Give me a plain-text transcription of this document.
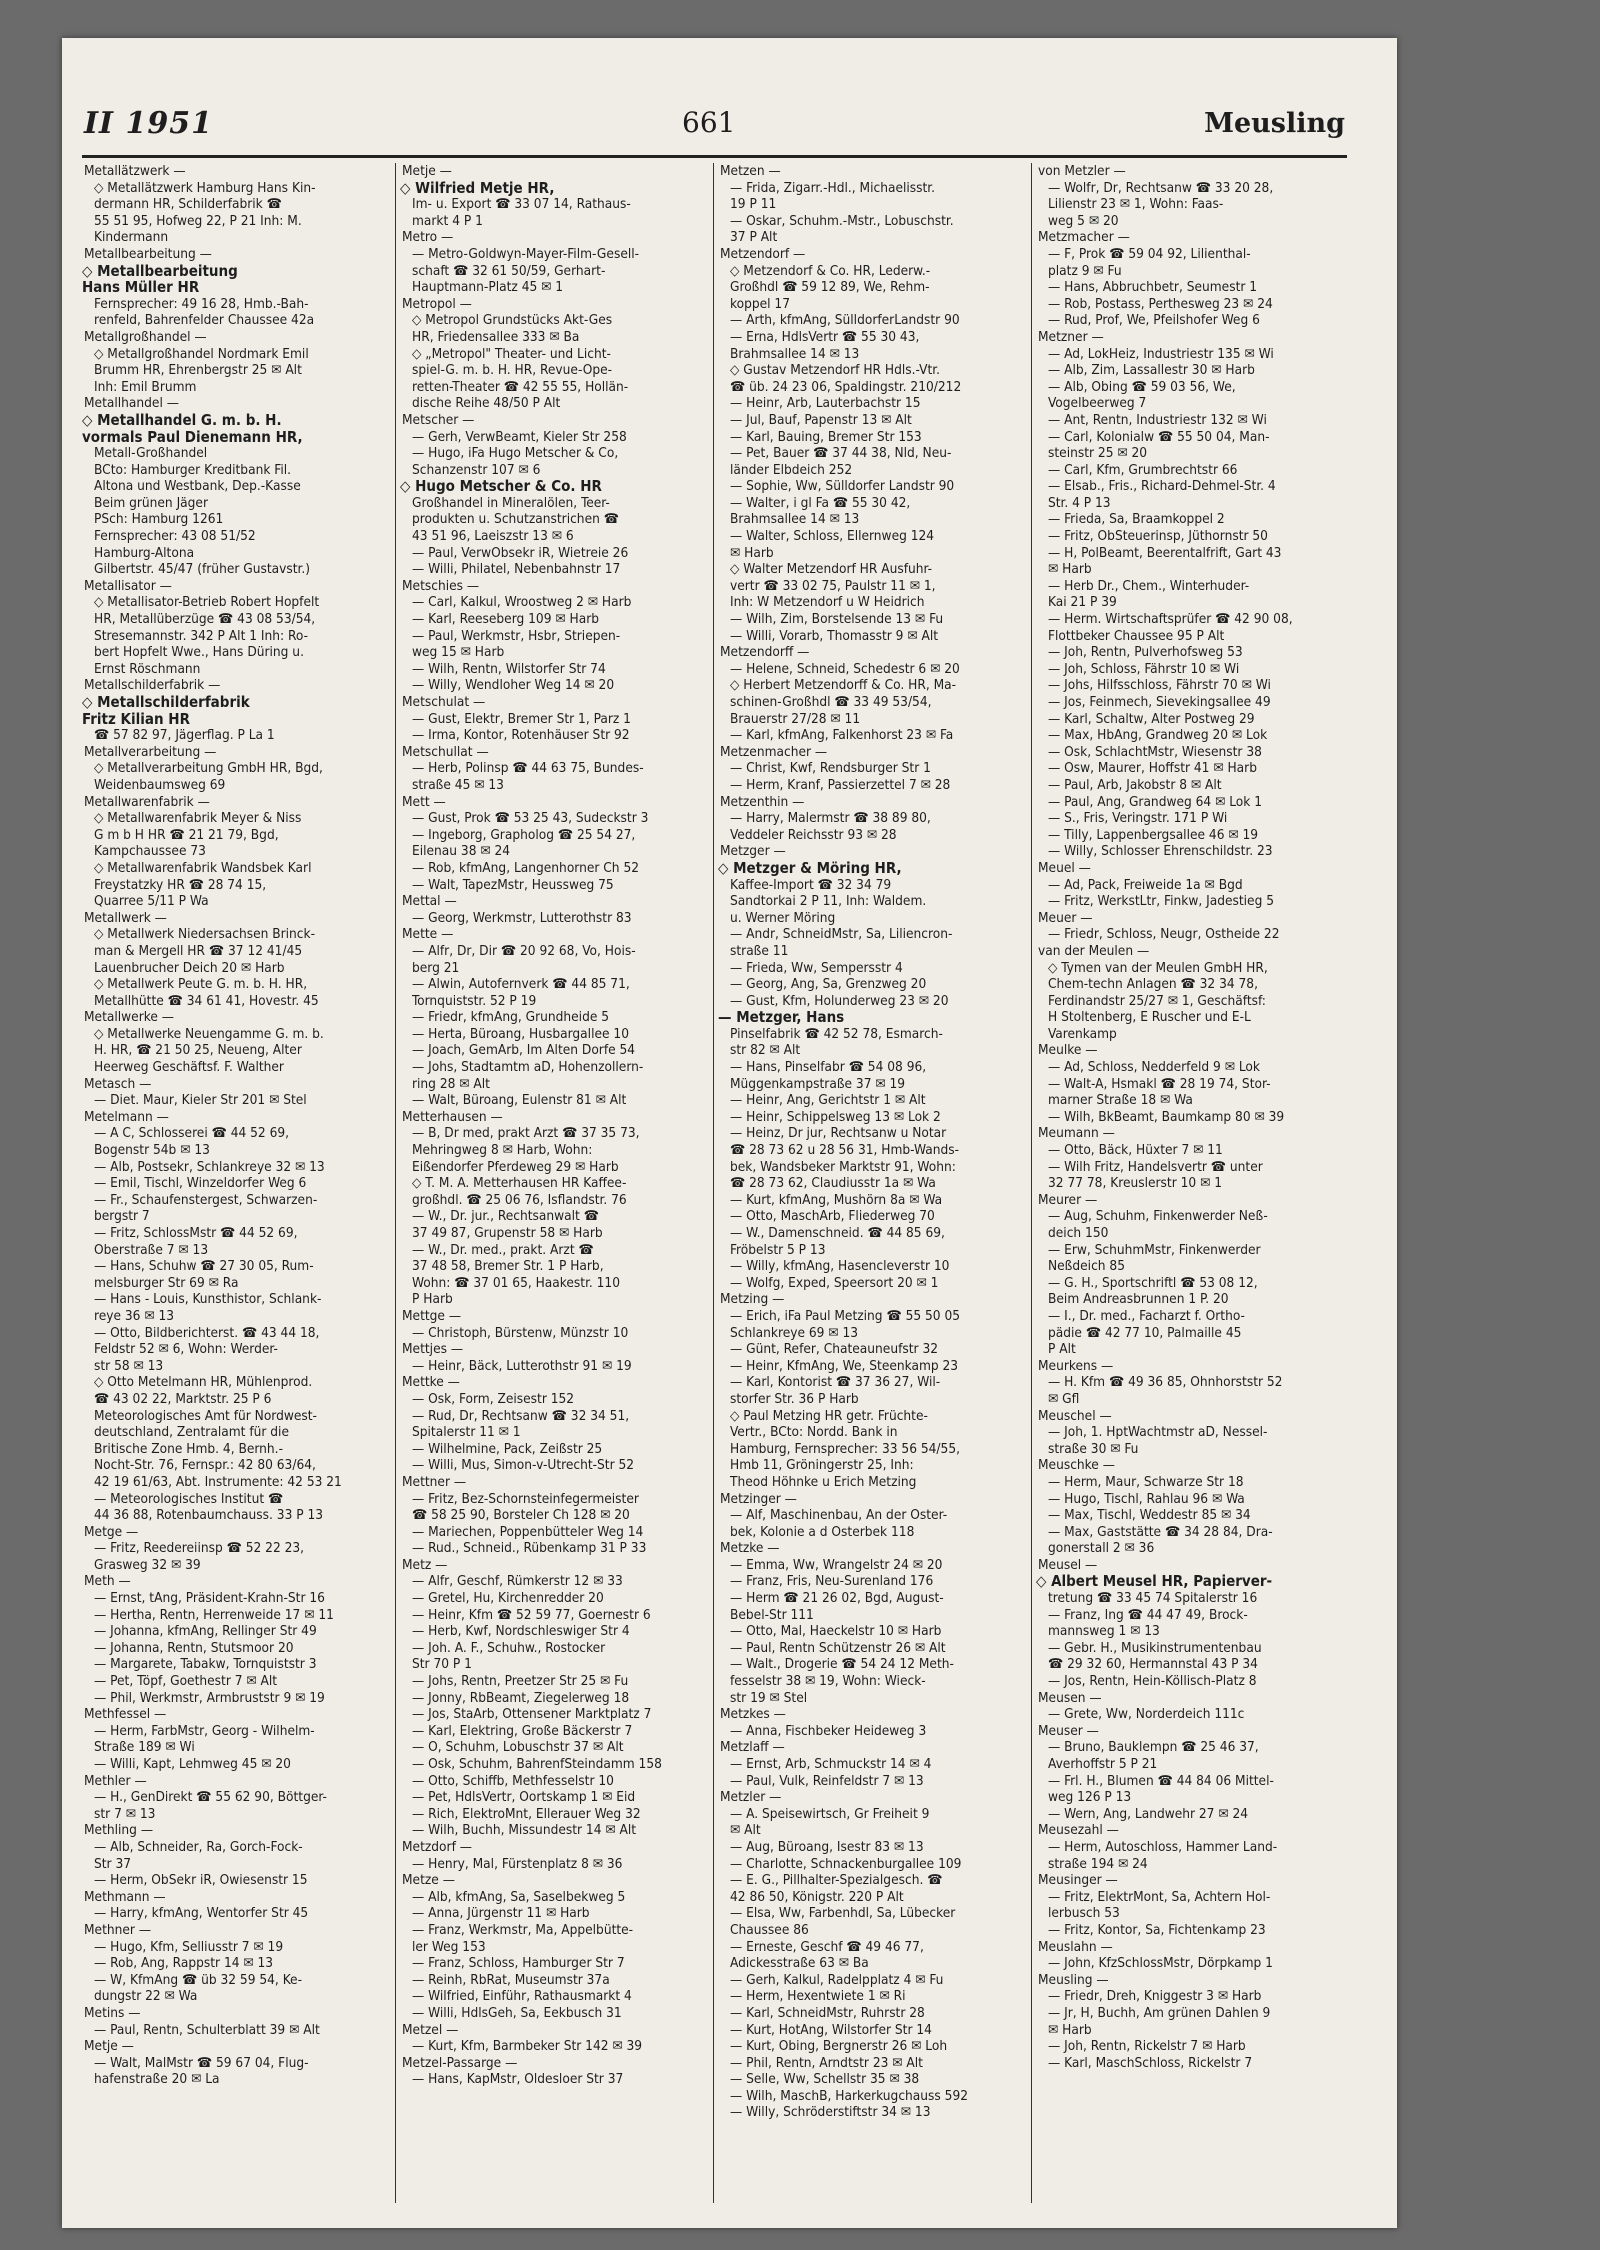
II 1951	661	Meusling
Metallätzwerk —
◇ Metallätzwerk Hamburg Hans Kin-
dermann HR, Schilderfabrik ☎
55 51 95, Hofweg 22, P 21 Inh: M.
Kindermann
Metallbearbeitung —
◇ Metallbearbeitung
Hans Müller HR
Fernsprecher: 49 16 28, Hmb.-Bah-
renfeld, Bahrenfelder Chaussee 42a
Metallgroßhandel —
◇ Metallgroßhandel Nordmark Emil
Brumm HR, Ehrenbergstr 25 ✉ Alt
Inh: Emil Brumm
Metallhandel —
◇ Metallhandel G. m. b. H.
vormals Paul Dienemann HR,
Metall-Großhandel
BCto: Hamburger Kreditbank Fil.
Altona und Westbank, Dep.-Kasse
Beim grünen Jäger
PSch: Hamburg 1261
Fernsprecher: 43 08 51/52
Hamburg-Altona
Gilbertstr. 45/47 (früher Gustavstr.)
Metallisator —
◇ Metallisator-Betrieb Robert Hopfelt
HR, Metallüberzüge ☎ 43 08 53/54,
Stresemannstr. 342 P Alt 1 Inh: Ro-
bert Hopfelt Wwe., Hans Düring u.
Ernst Röschmann
Metallschilderfabrik —
◇ Metallschilderfabrik
Fritz Kilian HR
☎ 57 82 97, Jägerflag. P La 1
Metallverarbeitung —
◇ Metallverarbeitung GmbH HR, Bgd,
Weidenbaumsweg 69
Metallwarenfabrik —
◇ Metallwarenfabrik Meyer & Niss
G m b H HR ☎ 21 21 79, Bgd,
Kampchaussee 73
◇ Metallwarenfabrik Wandsbek Karl
Freystatzky HR ☎ 28 74 15,
Quarree 5/11 P Wa
Metallwerk —
◇ Metallwerk Niedersachsen Brinck-
man & Mergell HR ☎ 37 12 41/45
Lauenbrucher Deich 20 ✉ Harb
◇ Metallwerk Peute G. m. b. H. HR,
Metallhütte ☎ 34 61 41, Hovestr. 45
Metallwerke —
◇ Metallwerke Neuengamme G. m. b.
H. HR, ☎ 21 50 25, Neueng, Alter
Heerweg Geschäftsf. F. Walther
Metasch —
— Diet. Maur, Kieler Str 201 ✉ Stel
Metelmann —
— A C, Schlosserei ☎ 44 52 69,
Bogenstr 54b ✉ 13
— Alb, Postsekr, Schlankreye 32 ✉ 13
— Emil, Tischl, Winzeldorfer Weg 6
— Fr., Schaufenstergest, Schwarzen-
bergstr 7
— Fritz, SchlossMstr ☎ 44 52 69,
Oberstraße 7 ✉ 13
— Hans, Schuhw ☎ 27 30 05, Rum-
melsburger Str 69 ✉ Ra
— Hans - Louis, Kunsthistor, Schlank-
reye 36 ✉ 13
— Otto, Bildberichterst. ☎ 43 44 18,
Feldstr 52 ✉ 6, Wohn: Werder-
str 58 ✉ 13
◇ Otto Metelmann HR, Mühlenprod.
☎ 43 02 22, Marktstr. 25 P 6
Meteorologisches Amt für Nordwest-
deutschland, Zentralamt für die
Britische Zone Hmb. 4, Bernh.-
Nocht-Str. 76, Fernspr.: 42 80 63/64,
42 19 61/63, Abt. Instrumente: 42 53 21
— Meteorologisches Institut ☎
44 36 88, Rotenbaumchauss. 33 P 13
Metge —
— Fritz, Reedereiinsp ☎ 52 22 23,
Grasweg 32 ✉ 39
Meth —
— Ernst, tAng, Präsident-Krahn-Str 16
— Hertha, Rentn, Herrenweide 17 ✉ 11
— Johanna, kfmAng, Rellinger Str 49
— Johanna, Rentn, Stutsmoor 20
— Margarete, Tabakw, Tornquiststr 3
— Pet, Töpf, Goethestr 7 ✉ Alt
— Phil, Werkmstr, Armbruststr 9 ✉ 19
Methfessel —
— Herm, FarbMstr, Georg - Wilhelm-
Straße 189 ✉ Wi
— Willi, Kapt, Lehmweg 45 ✉ 20
Methler —
— H., GenDirekt ☎ 55 62 90, Böttger-
str 7 ✉ 13
Methling —
— Alb, Schneider, Ra, Gorch-Fock-
Str 37
— Herm, ObSekr iR, Owiesenstr 15
Methmann —
— Harry, kfmAng, Wentorfer Str 45
Methner —
— Hugo, Kfm, Selliusstr 7 ✉ 19
— Rob, Ang, Rappstr 14 ✉ 13
— W, KfmAng ☎ üb 32 59 54, Ke-
dungstr 22 ✉ Wa
Metins —
— Paul, Rentn, Schulterblatt 39 ✉ Alt
Metje —
— Walt, MalMstr ☎ 59 67 04, Flug-
hafenstraße 20 ✉ La
Metje —
◇ Wilfried Metje HR,
Im- u. Export ☎ 33 07 14, Rathaus-
markt 4 P 1
Metro —
— Metro-Goldwyn-Mayer-Film-Gesell-
schaft ☎ 32 61 50/59, Gerhart-
Hauptmann-Platz 45 ✉ 1
Metropol —
◇ Metropol Grundstücks Akt-Ges
HR, Friedensallee 333 ✉ Ba
◇ „Metropol" Theater- und Licht-
spiel-G. m. b. H. HR, Revue-Ope-
retten-Theater ☎ 42 55 55, Hollän-
dische Reihe 48/50 P Alt
Metscher —
— Gerh, VerwBeamt, Kieler Str 258
— Hugo, iFa Hugo Metscher & Co,
Schanzenstr 107 ✉ 6
◇ Hugo Metscher & Co. HR
Großhandel in Mineralölen, Teer-
produkten u. Schutzanstrichen ☎
43 51 96, Laeiszstr 13 ✉ 6
— Paul, VerwObsekr iR, Wietreie 26
— Willi, Philatel, Nebenbahnstr 17
Metschies —
— Carl, Kalkul, Wroostweg 2 ✉ Harb
— Karl, Reeseberg 109 ✉ Harb
— Paul, Werkmstr, Hsbr, Striepen-
weg 15 ✉ Harb
— Wilh, Rentn, Wilstorfer Str 74
— Willy, Wendloher Weg 14 ✉ 20
Metschulat —
— Gust, Elektr, Bremer Str 1, Parz 1
— Irma, Kontor, Rotenhäuser Str 92
Metschullat —
— Herb, Polinsp ☎ 44 63 75, Bundes-
straße 45 ✉ 13
Mett —
— Gust, Prok ☎ 53 25 43, Sudeckstr 3
— Ingeborg, Grapholog ☎ 25 54 27,
Eilenau 38 ✉ 24
— Rob, kfmAng, Langenhorner Ch 52
— Walt, TapezMstr, Heussweg 75
Mettal —
— Georg, Werkmstr, Lutterothstr 83
Mette —
— Alfr, Dr, Dir ☎ 20 92 68, Vo, Hois-
berg 21
— Alwin, Autofernverk ☎ 44 85 71,
Tornquiststr. 52 P 19
— Friedr, kfmAng, Grundheide 5
— Herta, Büroang, Husbargallee 10
— Joach, GemArb, Im Alten Dorfe 54
— Johs, Stadtamtm aD, Hohenzollern-
ring 28 ✉ Alt
— Walt, Büroang, Eulenstr 81 ✉ Alt
Metterhausen —
— B, Dr med, prakt Arzt ☎ 37 35 73,
Mehringweg 8 ✉ Harb, Wohn:
Eißendorfer Pferdeweg 29 ✉ Harb
◇ T. M. A. Metterhausen HR Kaffee-
großhdl. ☎ 25 06 76, Isflandstr. 76
— W., Dr. jur., Rechtsanwalt ☎
37 49 87, Grupenstr 58 ✉ Harb
— W., Dr. med., prakt. Arzt ☎
37 48 58, Bremer Str. 1 P Harb,
Wohn: ☎ 37 01 65, Haakestr. 110
P Harb
Mettge —
— Christoph, Bürstenw, Münzstr 10
Mettjes —
— Heinr, Bäck, Lutterothstr 91 ✉ 19
Mettke —
— Osk, Form, Zeisestr 152
— Rud, Dr, Rechtsanw ☎ 32 34 51,
Spitalerstr 11 ✉ 1
— Wilhelmine, Pack, Zeißstr 25
— Willi, Mus, Simon-v-Utrecht-Str 52
Mettner —
— Fritz, Bez-Schornsteinfegermeister
☎ 58 25 90, Borsteler Ch 128 ✉ 20
— Mariechen, Poppenbütteler Weg 14
— Rud., Schneid., Rübenkamp 31 P 33
Metz —
— Alfr, Geschf, Rümkerstr 12 ✉ 33
— Gretel, Hu, Kirchenredder 20
— Heinr, Kfm ☎ 52 59 77, Goernestr 6
— Herb, Kwf, Nordschleswiger Str 4
— Joh. A. F., Schuhw., Rostocker
Str 70 P 1
— Johs, Rentn, Preetzer Str 25 ✉ Fu
— Jonny, RbBeamt, Ziegelerweg 18
— Jos, StaArb, Ottensener Marktplatz 7
— Karl, Elektring, Große Bäckerstr 7
— O, Schuhm, Lobuschstr 37 ✉ Alt
— Osk, Schuhm, BahrenfSteindamm 158
— Otto, Schiffb, Methfesselstr 10
— Pet, HdlsVertr, Oortskamp 1 ✉ Eid
— Rich, ElektroMnt, Ellerauer Weg 32
— Wilh, Buchh, Missundestr 14 ✉ Alt
Metzdorf —
— Henry, Mal, Fürstenplatz 8 ✉ 36
Metze —
— Alb, kfmAng, Sa, Saselbekweg 5
— Anna, Jürgenstr 11 ✉ Harb
— Franz, Werkmstr, Ma, Appelbütte-
ler Weg 153
— Franz, Schloss, Hamburger Str 7
— Reinh, RbRat, Museumstr 37a
— Wilfried, Einführ, Rathausmarkt 4
— Willi, HdlsGeh, Sa, Eekbusch 31
Metzel —
— Kurt, Kfm, Barmbeker Str 142 ✉ 39
Metzel-Passarge —
— Hans, KapMstr, Oldesloer Str 37
Metzen —
— Frida, Zigarr.-Hdl., Michaelisstr.
19 P 11
— Oskar, Schuhm.-Mstr., Lobuschstr.
37 P Alt
Metzendorf —
◇ Metzendorf & Co. HR, Lederw.-
Großhdl ☎ 59 12 89, We, Rehm-
koppel 17
— Arth, kfmAng, SülldorferLandstr 90
— Erna, HdlsVertr ☎ 55 30 43,
Brahmsallee 14 ✉ 13
◇ Gustav Metzendorf HR Hdls.-Vtr.
☎ üb. 24 23 06, Spaldingstr. 210/212
— Heinr, Arb, Lauterbachstr 15
— Jul, Bauf, Papenstr 13 ✉ Alt
— Karl, Bauing, Bremer Str 153
— Pet, Bauer ☎ 37 44 38, Nld, Neu-
länder Elbdeich 252
— Sophie, Ww, Sülldorfer Landstr 90
— Walter, i gl Fa ☎ 55 30 42,
Brahmsallee 14 ✉ 13
— Walter, Schloss, Ellernweg 124
✉ Harb
◇ Walter Metzendorf HR Ausfuhr-
vertr ☎ 33 02 75, Paulstr 11 ✉ 1,
Inh: W Metzendorf u W Heidrich
— Wilh, Zim, Borstelsende 13 ✉ Fu
— Willi, Vorarb, Thomasstr 9 ✉ Alt
Metzendorff —
— Helene, Schneid, Schedestr 6 ✉ 20
◇ Herbert Metzendorff & Co. HR, Ma-
schinen-Großhdl ☎ 33 49 53/54,
Brauerstr 27/28 ✉ 11
— Karl, kfmAng, Falkenhorst 23 ✉ Fa
Metzenmacher —
— Christ, Kwf, Rendsburger Str 1
— Herm, Kranf, Passierzettel 7 ✉ 28
Metzenthin —
— Harry, Malermstr ☎ 38 89 80,
Veddeler Reichsstr 93 ✉ 28
Metzger —
◇ Metzger & Möring HR,
Kaffee-Import ☎ 32 34 79
Sandtorkai 2 P 11, Inh: Waldem.
u. Werner Möring
— Andr, SchneidMstr, Sa, Liliencron-
straße 11
— Frieda, Ww, Sempersstr 4
— Georg, Ang, Sa, Grenzweg 20
— Gust, Kfm, Holunderweg 23 ✉ 20
— Metzger, Hans
Pinselfabrik ☎ 42 52 78, Esmarch-
str 82 ✉ Alt
— Hans, Pinselfabr ☎ 54 08 96,
Müggenkampstraße 37 ✉ 19
— Heinr, Ang, Gerichtstr 1 ✉ Alt
— Heinr, Schippelsweg 13 ✉ Lok 2
— Heinz, Dr jur, Rechtsanw u Notar
☎ 28 73 62 u 28 56 31, Hmb-Wands-
bek, Wandsbeker Marktstr 91, Wohn:
☎ 28 73 62, Claudiusstr 1a ✉ Wa
— Kurt, kfmAng, Mushörn 8a ✉ Wa
— Otto, MaschArb, Fliederweg 70
— W., Damenschneid. ☎ 44 85 69,
Fröbelstr 5 P 13
— Willy, kfmAng, Hasencleverstr 10
— Wolfg, Exped, Speersort 20 ✉ 1
Metzing —
— Erich, iFa Paul Metzing ☎ 55 50 05
Schlankreye 69 ✉ 13
— Günt, Refer, Chateauneufstr 32
— Heinr, KfmAng, We, Steenkamp 23
— Karl, Kontorist ☎ 37 36 27, Wil-
storfer Str. 36 P Harb
◇ Paul Metzing HR getr. Früchte-
Vertr., BCto: Nordd. Bank in
Hamburg, Fernsprecher: 33 56 54/55,
Hmb 11, Gröningerstr 25, Inh:
Theod Höhnke u Erich Metzing
Metzinger —
— Alf, Maschinenbau, An der Oster-
bek, Kolonie a d Osterbek 118
Metzke —
— Emma, Ww, Wrangelstr 24 ✉ 20
— Franz, Fris, Neu-Surenland 176
— Herm ☎ 21 26 02, Bgd, August-
Bebel-Str 111
— Otto, Mal, Haeckelstr 10 ✉ Harb
— Paul, Rentn Schützenstr 26 ✉ Alt
— Walt., Drogerie ☎ 54 24 12 Meth-
fesselstr 38 ✉ 19, Wohn: Wieck-
str 19 ✉ Stel
Metzkes —
— Anna, Fischbeker Heideweg 3
Metzlaff —
— Ernst, Arb, Schmuckstr 14 ✉ 4
— Paul, Vulk, Reinfeldstr 7 ✉ 13
Metzler —
— A. Speisewirtsch, Gr Freiheit 9
✉ Alt
— Aug, Büroang, Isestr 83 ✉ 13
— Charlotte, Schnackenburgallee 109
— E. G., Pillhalter-Spezialgesch. ☎
42 86 50, Königstr. 220 P Alt
— Elsa, Ww, Farbenhdl, Sa, Lübecker
Chaussee 86
— Erneste, Geschf ☎ 49 46 77,
Adickesstraße 63 ✉ Ba
— Gerh, Kalkul, Radelpplatz 4 ✉ Fu
— Herm, Hexentwiete 1 ✉ Ri
— Karl, SchneidMstr, Ruhrstr 28
— Kurt, HotAng, Wilstorfer Str 14
— Kurt, Obing, Bergnerstr 26 ✉ Loh
— Phil, Rentn, Arndtstr 23 ✉ Alt
— Selle, Ww, Schellstr 35 ✉ 38
— Wilh, MaschB, Harkerkugchauss 592
— Willy, Schröderstiftstr 34 ✉ 13
von Metzler —
— Wolfr, Dr, Rechtsanw ☎ 33 20 28,
Lilienstr 23 ✉ 1, Wohn: Faas-
weg 5 ✉ 20
Metzmacher —
— F, Prok ☎ 59 04 92, Lilienthal-
platz 9 ✉ Fu
— Hans, Abbruchbetr, Seumestr 1
— Rob, Postass, Perthesweg 23 ✉ 24
— Rud, Prof, We, Pfeilshofer Weg 6
Metzner —
— Ad, LokHeiz, Industriestr 135 ✉ Wi
— Alb, Zim, Lassallestr 30 ✉ Harb
— Alb, Obing ☎ 59 03 56, We,
Vogelbeerweg 7
— Ant, Rentn, Industriestr 132 ✉ Wi
— Carl, Kolonialw ☎ 55 50 04, Man-
steinstr 25 ✉ 20
— Carl, Kfm, Grumbrechtstr 66
— Elsab., Fris., Richard-Dehmel-Str. 4
Str. 4 P 13
— Frieda, Sa, Braamkoppel 2
— Fritz, ObSteuerinsp, Jüthornstr 50
— H, PolBeamt, Beerentalfrift, Gart 43
✉ Harb
— Herb Dr., Chem., Winterhuder-
Kai 21 P 39
— Herm. Wirtschaftsprüfer ☎ 42 90 08,
Flottbeker Chaussee 95 P Alt
— Joh, Rentn, Pulverhofsweg 53
— Joh, Schloss, Fährstr 10 ✉ Wi
— Johs, Hilfsschloss, Fährstr 70 ✉ Wi
— Jos, Feinmech, Sievekingsallee 49
— Karl, Schaltw, Alter Postweg 29
— Max, HbAng, Grandweg 20 ✉ Lok
— Osk, SchlachtMstr, Wiesenstr 38
— Osw, Maurer, Hoffstr 41 ✉ Harb
— Paul, Arb, Jakobstr 8 ✉ Alt
— Paul, Ang, Grandweg 64 ✉ Lok 1
— S., Fris, Veringstr. 171 P Wi
— Tilly, Lappenbergsallee 46 ✉ 19
— Willy, Schlosser Ehrenschildstr. 23
Meuel —
— Ad, Pack, Freiweide 1a ✉ Bgd
— Fritz, WerkstLtr, Finkw, Jadestieg 5
Meuer —
— Friedr, Schloss, Neugr, Ostheide 22
van der Meulen —
◇ Tymen van der Meulen GmbH HR,
Chem-techn Anlagen ☎ 32 34 78,
Ferdinandstr 25/27 ✉ 1, Geschäftsf:
H Stoltenberg, E Ruscher und E-L
Varenkamp
Meulke —
— Ad, Schloss, Nedderfeld 9 ✉ Lok
— Walt-A, Hsmakl ☎ 28 19 74, Stor-
marner Straße 18 ✉ Wa
— Wilh, BkBeamt, Baumkamp 80 ✉ 39
Meumann —
— Otto, Bäck, Hüxter 7 ✉ 11
— Wilh Fritz, Handelsvertr ☎ unter
32 77 78, Kreuslerstr 10 ✉ 1
Meurer —
— Aug, Schuhm, Finkenwerder Neß-
deich 150
— Erw, SchuhmMstr, Finkenwerder
Neßdeich 85
— G. H., Sportschriftl ☎ 53 08 12,
Beim Andreasbrunnen 1 P. 20
— I., Dr. med., Facharzt f. Ortho-
pädie ☎ 42 77 10, Palmaille 45
P Alt
Meurkens —
— H. Kfm ☎ 49 36 85, Ohnhorststr 52
✉ Gfl
Meuschel —
— Joh, 1. HptWachtmstr aD, Nessel-
straße 30 ✉ Fu
Meuschke —
— Herm, Maur, Schwarze Str 18
— Hugo, Tischl, Rahlau 96 ✉ Wa
— Max, Tischl, Weddestr 85 ✉ 34
— Max, Gaststätte ☎ 34 28 84, Dra-
gonerstall 2 ✉ 36
Meusel —
◇ Albert Meusel HR, Papierver-
tretung ☎ 33 45 74 Spitalerstr 16
— Franz, Ing ☎ 44 47 49, Brock-
mannsweg 1 ✉ 13
— Gebr. H., Musikinstrumentenbau
☎ 29 32 60, Hermannstal 43 P 34
— Jos, Rentn, Hein-Köllisch-Platz 8
Meusen —
— Grete, Ww, Norderdeich 111c
Meuser —
— Bruno, Bauklempn ☎ 25 46 37,
Averhoffstr 5 P 21
— Frl. H., Blumen ☎ 44 84 06 Mittel-
weg 126 P 13
— Wern, Ang, Landwehr 27 ✉ 24
Meusezahl —
— Herm, Autoschloss, Hammer Land-
straße 194 ✉ 24
Meusinger —
— Fritz, ElektrMont, Sa, Achtern Hol-
lerbusch 53
— Fritz, Kontor, Sa, Fichtenkamp 23
Meuslahn —
— John, KfzSchlossMstr, Dörpkamp 1
Meusling —
— Friedr, Dreh, Kniggestr 3 ✉ Harb
— Jr, H, Buchh, Am grünen Dahlen 9
✉ Harb
— Joh, Rentn, Rickelstr 7 ✉ Harb
— Karl, MaschSchloss, Rickelstr 7
